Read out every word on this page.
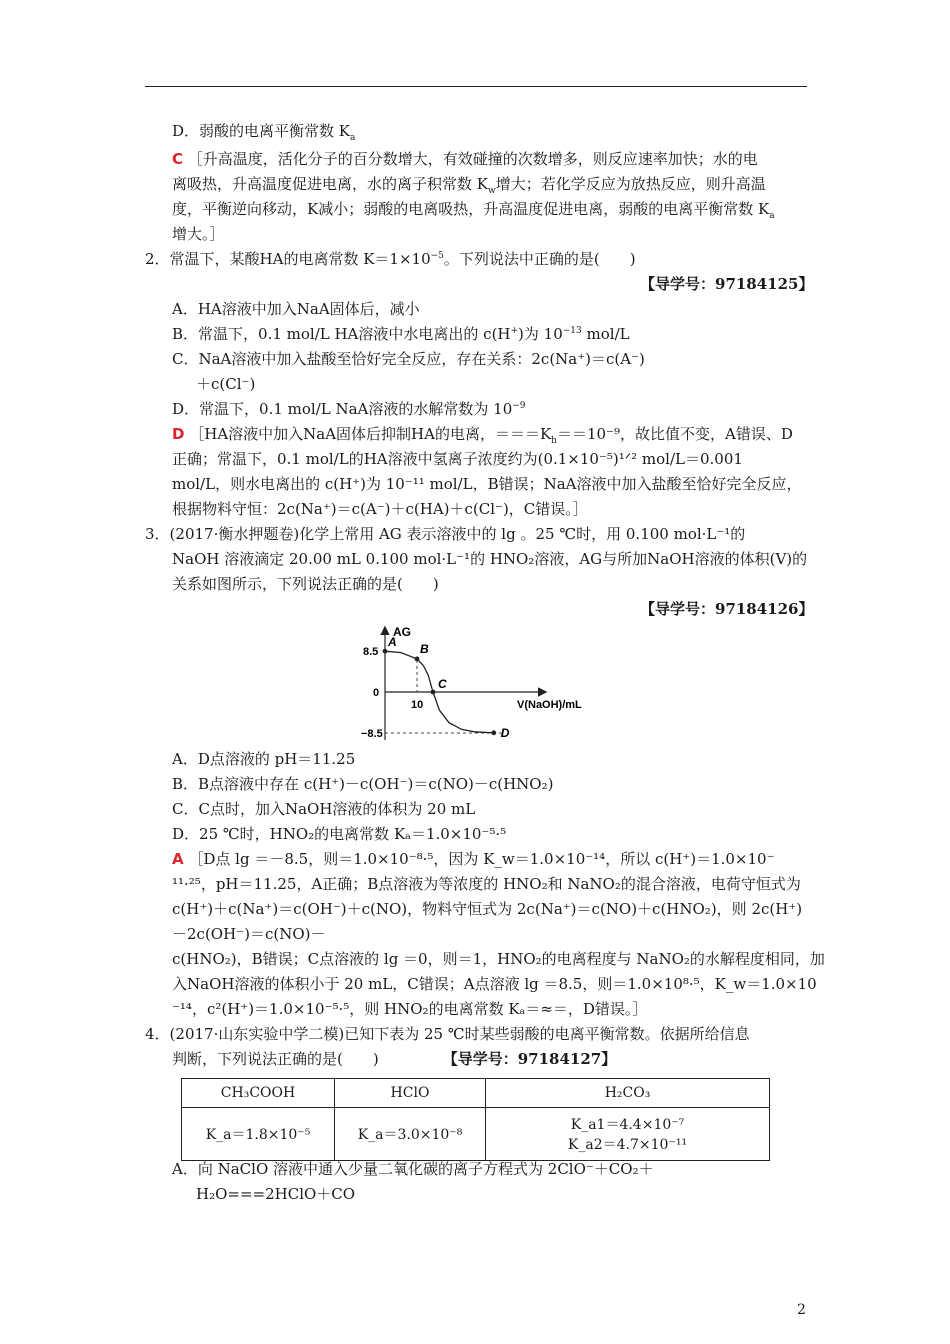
D．弱酸的电离平衡常数 $K_a$
C ［升高温度，活化分子的百分数增大，有效碰撞的次数增多，则反应速率加快；水的电
离吸热，升高温度促进电离，水的离子积常数 $K_w$增大；若化学反应为放热反应，则升高温
度，平衡逆向移动，K减小；弱酸的电离吸热，升高温度促进电离，弱酸的电离平衡常数 $K_a$
增大。］
2．常温下，某酸HA的电离常数 $K=1\times 10^{-5}$。下列说法中正确的是(　　)
【导学号：97184125】
A．HA溶液中加入NaA固体后，减小
B．常温下，0.1 mol/L HA溶液中水电离出的 c(H+)为 $10^{-13}$ mol/L
C．NaA溶液中加入盐酸至恰好完全反应，存在关系：2c(Na⁺)＝c(A⁻)
＋c(Cl⁻)
D．常温下，0.1 mol/L NaA溶液的水解常数为 $10^{-9}$
D ［HA溶液中加入NaA固体后抑制HA的电离，$===K_h==10^{-9}$，故比值不变，A错误、D
正确；常温下，0.1 mol/L的HA溶液中氢离子浓度约为(0.1×10⁻⁵)¹ᐟ² mol/L＝0.001
mol/L，则水电离出的 c(H⁺)为 10⁻¹¹ mol/L，B错误；NaA溶液中加入盐酸至恰好完全反应，
根据物料守恒：2c(Na⁺)＝c(A⁻)＋c(HA)＋c(Cl⁻)，C错误。］
3．(2017·衡水押题卷)化学上常用 AG 表示溶液中的 lg 。25 ℃时，用 0.100 mol·L⁻¹的
NaOH 溶液滴定 20.00 mL 0.100 mol·L⁻¹的 HNO₂溶液，AG与所加NaOH溶液的体积(V)的
关系如图所示，下列说法正确的是(　　)
【导学号：97184126】
AG
V(NaOH)/mL
8.5
0
−8.5
10
A B
C
D
A．D点溶液的 pH＝11.25
B．B点溶液中存在 c(H⁺)－c(OH⁻)＝c(NO)－c(HNO₂)
C．C点时，加入NaOH溶液的体积为 20 mL
D．25 ℃时，HNO₂的电离常数 Kₐ＝1.0×10⁻⁵·⁵
A ［D点 lg ＝－8.5，则＝1.0×10⁻⁸·⁵，因为 K_w＝1.0×10⁻¹⁴，所以 c(H⁺)＝1.0×10⁻
¹¹·²⁵，pH＝11.25，A正确；B点溶液为等浓度的 HNO₂和 NaNO₂的混合溶液，电荷守恒式为
c(H⁺)＋c(Na⁺)＝c(OH⁻)＋c(NO)，物料守恒式为 2c(Na⁺)＝c(NO)＋c(HNO₂)，则 2c(H⁺)
－2c(OH⁻)＝c(NO)－
c(HNO₂)，B错误；C点溶液的 lg ＝0，则＝1，HNO₂的电离程度与 NaNO₂的水解程度相同，加
入NaOH溶液的体积小于 20 mL，C错误；A点溶液 lg ＝8.5，则＝1.0×10⁸·⁵，K_w＝1.0×10
⁻¹⁴，c²(H⁺)＝1.0×10⁻⁵·⁵，则 HNO₂的电离常数 Kₐ＝≈＝，D错误。］
4．(2017·山东实验中学二模)已知下表为 25 ℃时某些弱酸的电离平衡常数。依据所给信息
判断，下列说法正确的是(　　)	【导学号：97184127】
CH₃COOH	HClO	H₂CO₃
K_a＝1.8×10⁻⁵	K_a＝3.0×10⁻⁸	K_a1＝4.4×10⁻⁷
K_a2＝4.7×10⁻¹¹
A．向 NaClO 溶液中通入少量二氧化碳的离子方程式为 2ClO⁻＋CO₂＋
H₂O===2HClO＋CO
2
